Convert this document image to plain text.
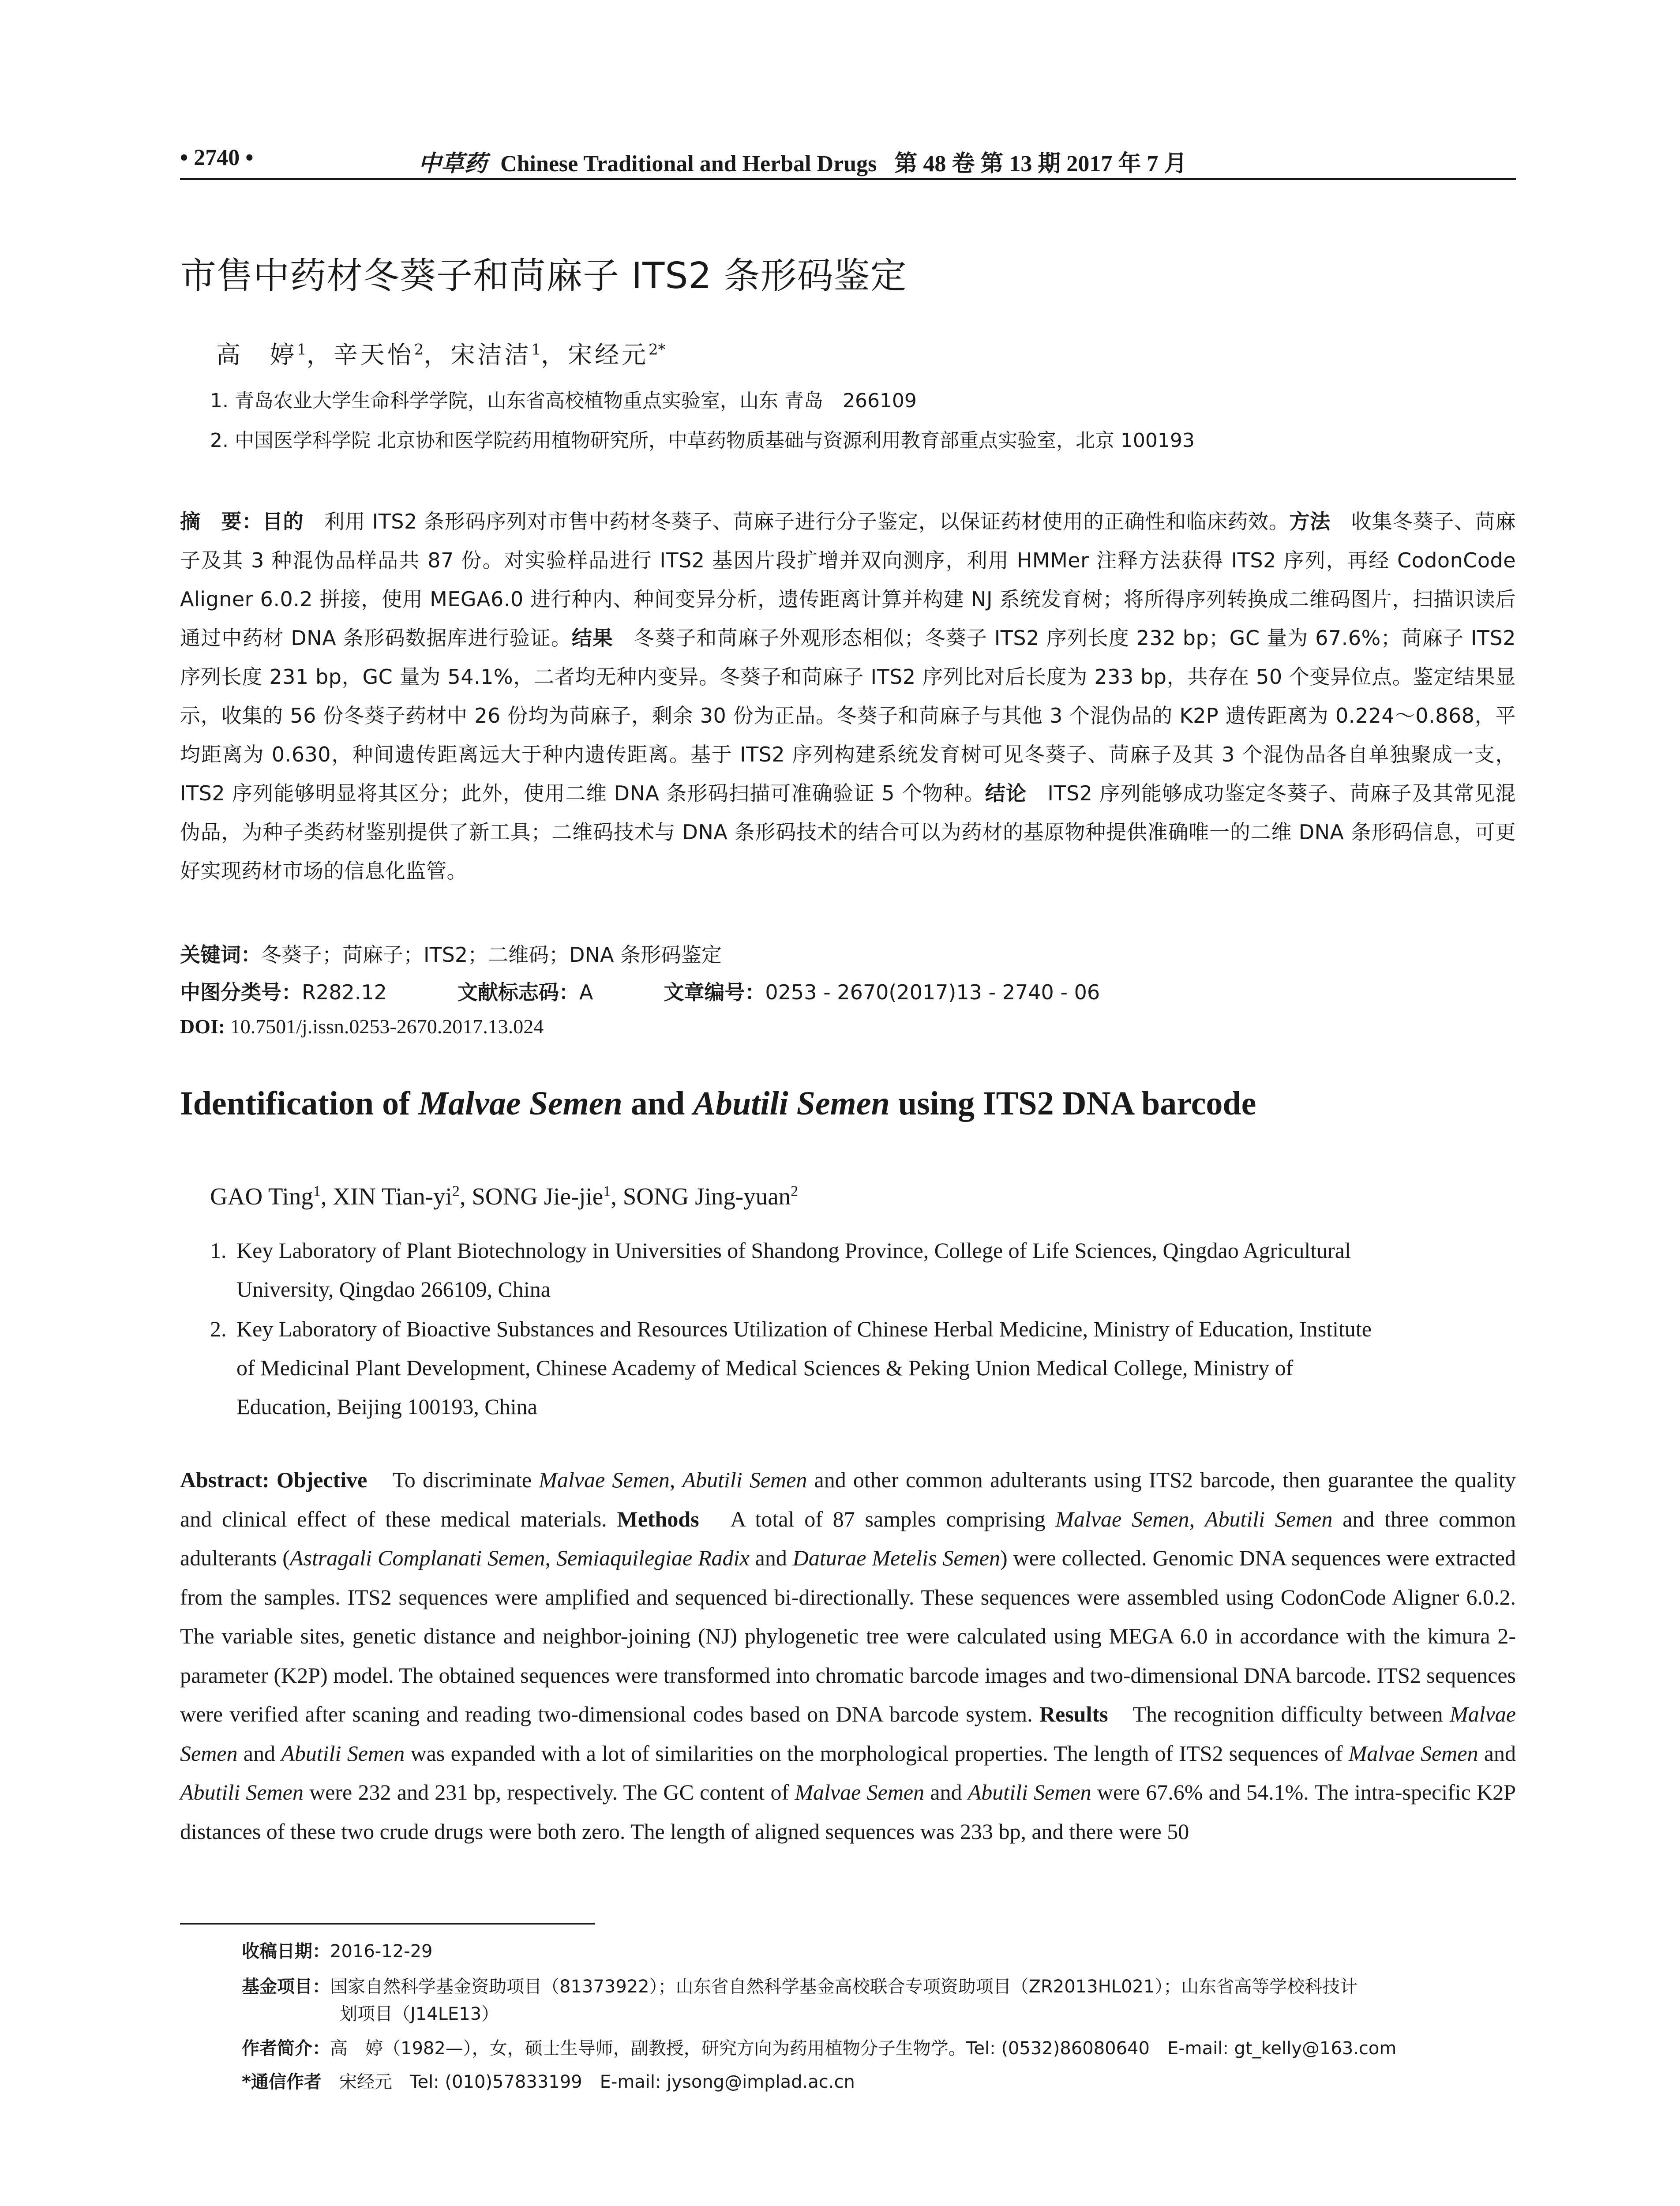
• 2740 •	中草药 Chinese Traditional and Herbal Drugs 第 48 卷 第 13 期 2017 年 7 月
市售中药材冬葵子和苘麻子 ITS2 条形码鉴定
高　婷$^1$，辛天怡$^2$，宋洁洁$^1$，宋经元$^{2*}$
1. 青岛农业大学生命科学学院，山东省高校植物重点实验室，山东 青岛　266109
2. 中国医学科学院 北京协和医学院药用植物研究所，中草药物质基础与资源利用教育部重点实验室，北京 100193
摘　要：目的　利用 ITS2 条形码序列对市售中药材冬葵子、苘麻子进行分子鉴定，以保证药材使用的正确性和临床药效。方法　收集冬葵子、苘麻子及其 3 种混伪品样品共 87 份。对实验样品进行 ITS2 基因片段扩增并双向测序，利用 HMMer 注释方法获得 ITS2 序列，再经 CodonCode Aligner 6.0.2 拼接，使用 MEGA6.0 进行种内、种间变异分析，遗传距离计算并构建 NJ 系统发育树；将所得序列转换成二维码图片，扫描识读后通过中药材 DNA 条形码数据库进行验证。结果　冬葵子和苘麻子外观形态相似；冬葵子 ITS2 序列长度 232 bp；GC 量为 67.6%；苘麻子 ITS2 序列长度 231 bp，GC 量为 54.1%，二者均无种内变异。冬葵子和苘麻子 ITS2 序列比对后长度为 233 bp，共存在 50 个变异位点。鉴定结果显示，收集的 56 份冬葵子药材中 26 份均为苘麻子，剩余 30 份为正品。冬葵子和苘麻子与其他 3 个混伪品的 K2P 遗传距离为 0.224～0.868，平均距离为 0.630，种间遗传距离远大于种内遗传距离。基于 ITS2 序列构建系统发育树可见冬葵子、苘麻子及其 3 个混伪品各自单独聚成一支，ITS2 序列能够明显将其区分；此外，使用二维 DNA 条形码扫描可准确验证 5 个物种。结论　ITS2 序列能够成功鉴定冬葵子、苘麻子及其常见混伪品，为种子类药材鉴别提供了新工具；二维码技术与 DNA 条形码技术的结合可以为药材的基原物种提供准确唯一的二维 DNA 条形码信息，可更好实现药材市场的信息化监管。
关键词：冬葵子；苘麻子；ITS2；二维码；DNA 条形码鉴定
中图分类号：R282.12	文献标志码：A	文章编号：0253 - 2670(2017)13 - 2740 - 06
DOI: 10.7501/j.issn.0253-2670.2017.13.024
Identification of Malvae Semen and Abutili Semen using ITS2 DNA barcode
GAO Ting$^1$, XIN Tian-$yi^2$, SONG Jie-jie$^1$, SONG Jing-yuan$^2$
1. Key Laboratory of Plant Biotechnology in Universities of Shandong Province, College of Life Sciences, Qingdao Agricultural
University, Qingdao 266109, China
2. Key Laboratory of Bioactive Substances and Resources Utilization of Chinese Herbal Medicine, Ministry of Education, Institute
of Medicinal Plant Development, Chinese Academy of Medical Sciences & Peking Union Medical College, Ministry of
Education, Beijing 100193, China
Abstract: Objective　To discriminate Malvae Semen, Abutili Semen and other common adulterants using ITS2 barcode, then guarantee the quality and clinical effect of these medical materials. Methods　A total of 87 samples comprising Malvae Semen, Abutili Semen and three common adulterants (Astragali Complanati Semen, Semiaquilegiae Radix and Daturae Metelis Semen) were collected. Genomic DNA sequences were extracted from the samples. ITS2 sequences were amplified and sequenced bi-directionally. These sequences were assembled using CodonCode Aligner 6.0.2. The variable sites, genetic distance and neighbor-joining (NJ) phylogenetic tree were calculated using MEGA 6.0 in accordance with the kimura 2-parameter (K2P) model. The obtained sequences were transformed into chromatic barcode images and two-dimensional DNA barcode. ITS2 sequences were verified after scaning and reading two-dimensional codes based on DNA barcode system. Results　The recognition difficulty between Malvae Semen and Abutili Semen was expanded with a lot of similarities on the morphological properties. The length of ITS2 sequences of Malvae Semen and Abutili Semen were 232 and 231 bp, respectively. The GC content of Malvae Semen and Abutili Semen were 67.6% and 54.1%. The intra-specific K2P distances of these two crude drugs were both zero. The length of aligned sequences was 233 bp, and there were 50
收稿日期：2016-12-29
基金项目：国家自然科学基金资助项目（81373922）；山东省自然科学基金高校联合专项资助项目（ZR2013HL021）；山东省高等学校科技计
划项目（J14LE13）
作者简介：高　婷（1982—），女，硕士生导师，副教授，研究方向为药用植物分子生物学。Tel: (0532)86080640　E-mail: gt_kelly@163.com
*通信作者　宋经元　Tel: (010)57833199　E-mail: jysong@implad.ac.cn
